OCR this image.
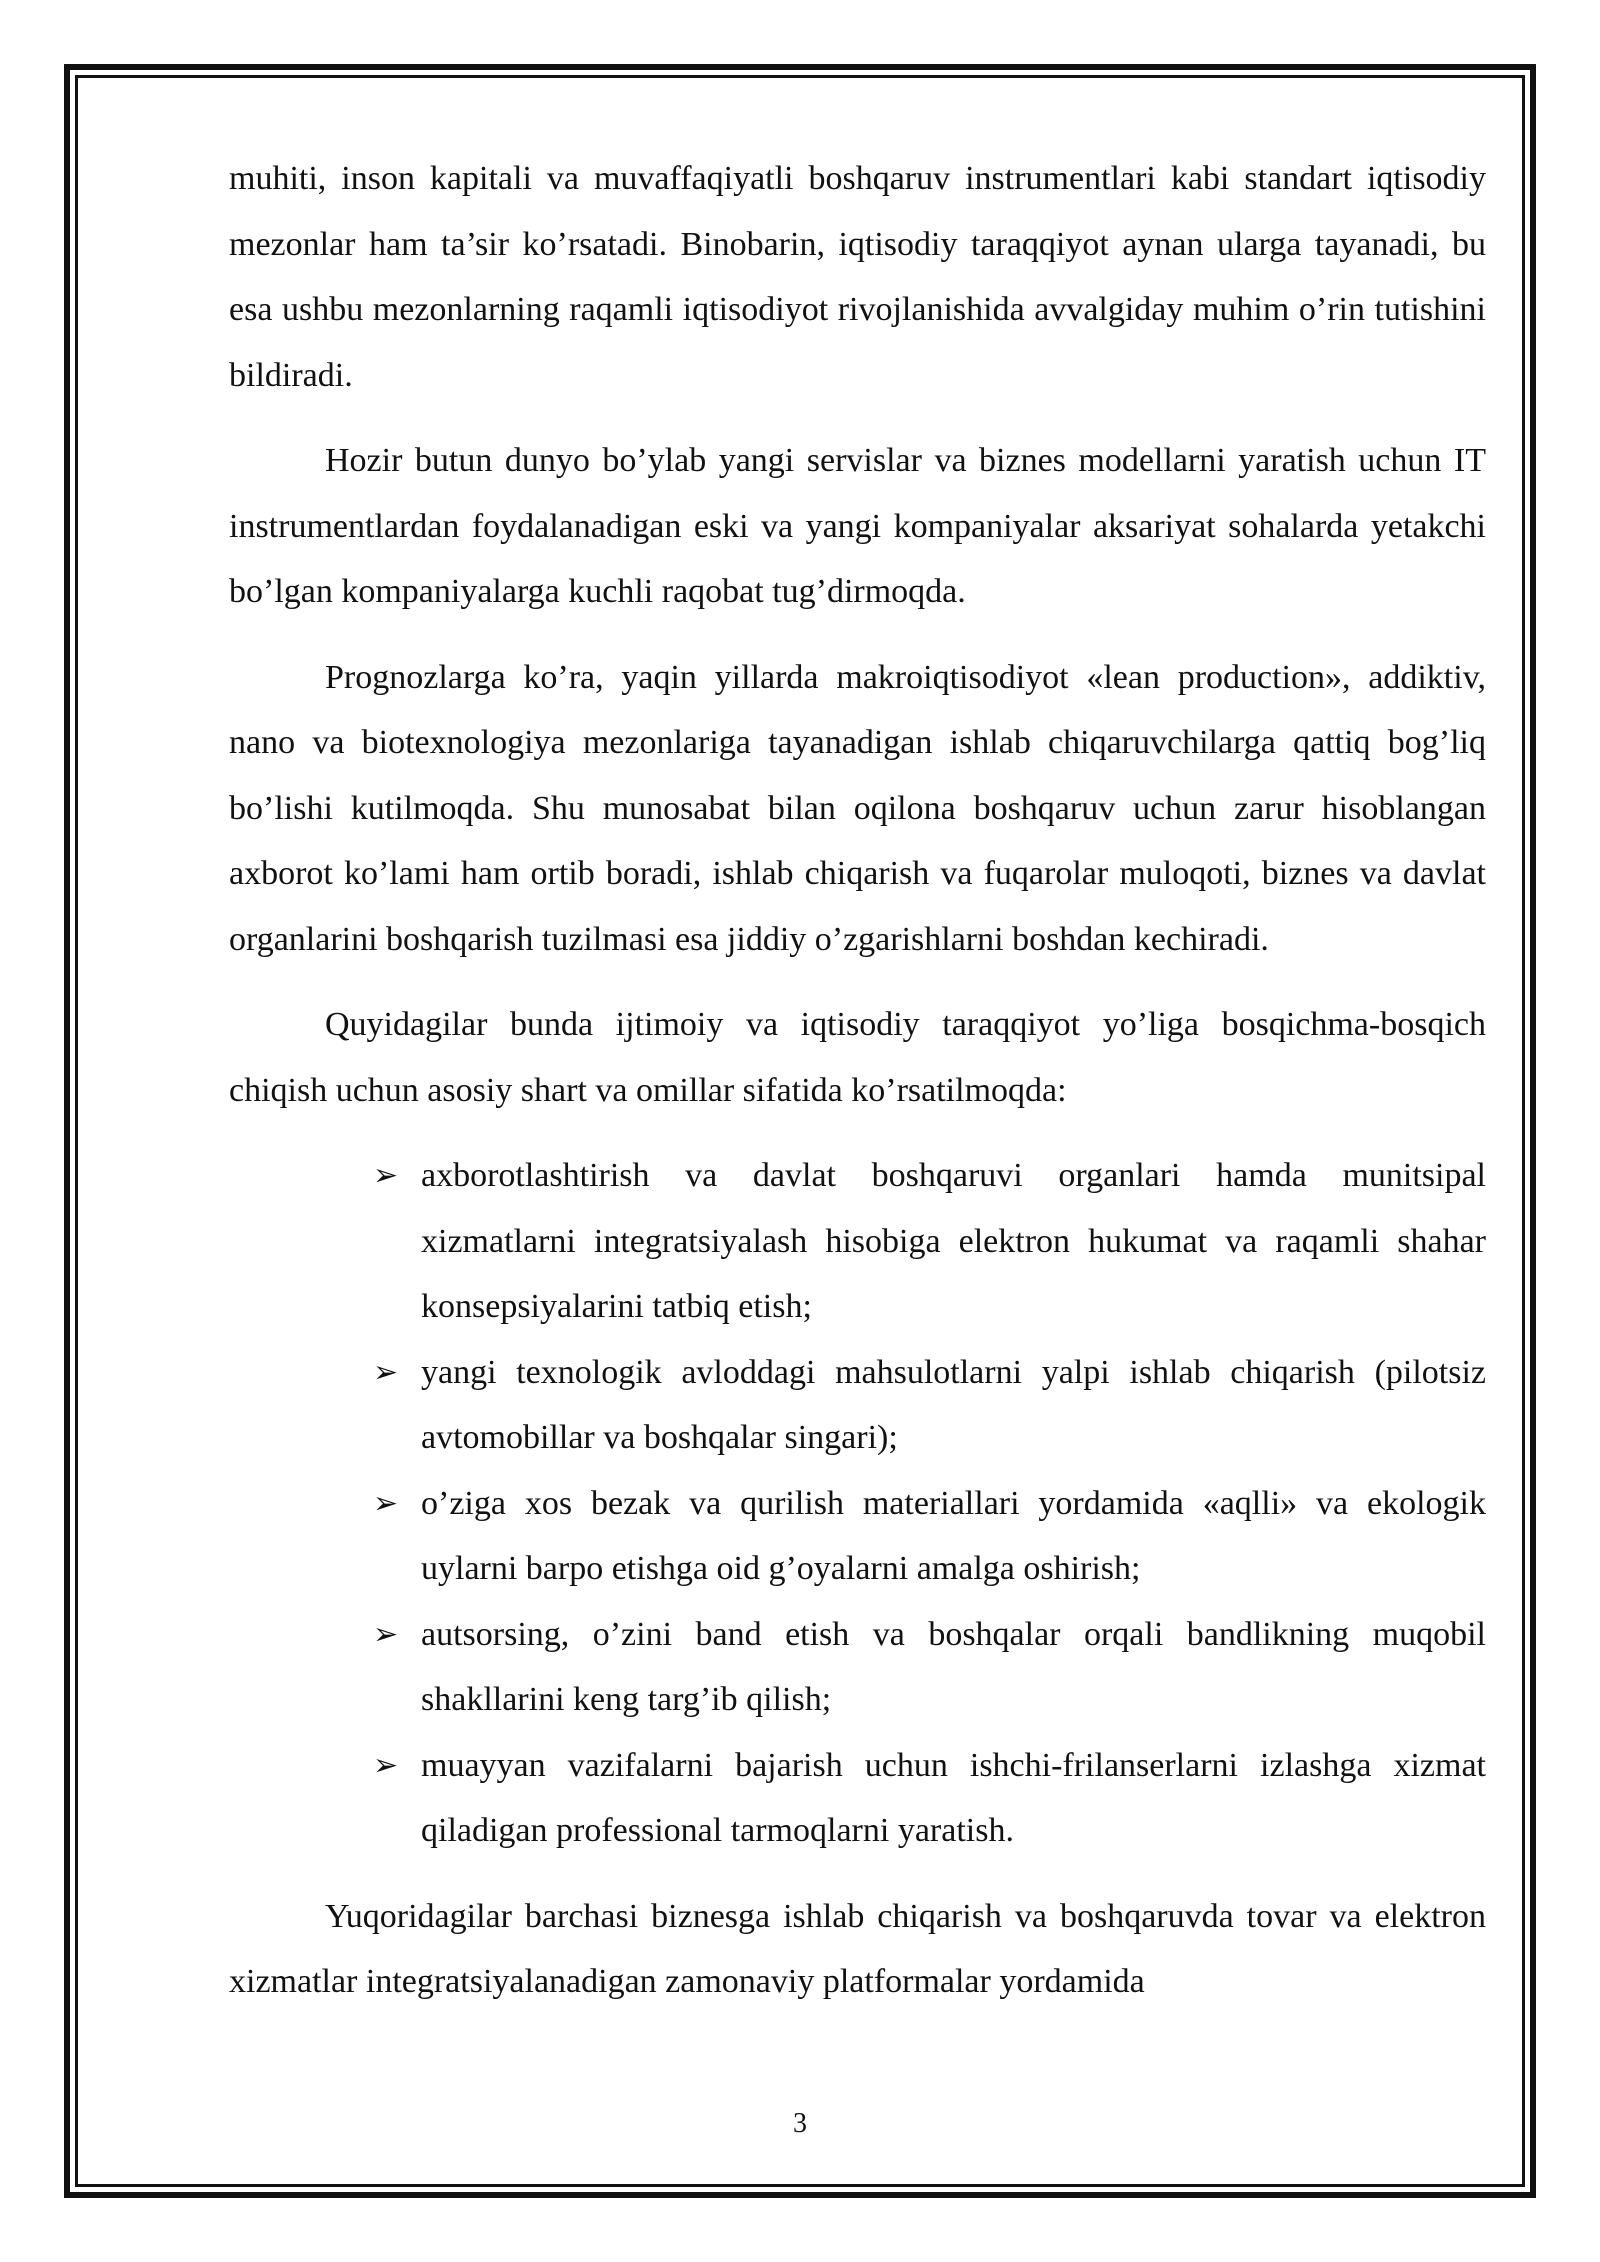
muhiti, inson kapitali va muvaffaqiyatli boshqaruv instrumentlari kabi standart iqtisodiy mezonlar ham ta’sir ko’rsatadi. Binobarin, iqtisodiy taraqqiyot aynan ularga tayanadi, bu esa ushbu mezonlarning raqamli iqtisodiyot rivojlanishida avvalgiday muhim o’rin tutishini bildiradi.

Hozir butun dunyo bo’ylab yangi servislar va biznes modellarni yaratish uchun IT instrumentlardan foydalanadigan eski va yangi kompaniyalar aksariyat sohalarda yetakchi bo’lgan kompaniyalarga kuchli raqobat tug’dirmoqda.

Prognozlarga ko’ra, yaqin yillarda makroiqtisodiyot «lean production», addiktiv, nano va biotexnologiya mezonlariga tayanadigan ishlab chiqaruvchilarga qattiq bog’liq bo’lishi kutilmoqda. Shu munosabat bilan oqilona boshqaruv uchun zarur hisoblangan axborot ko’lami ham ortib boradi, ishlab chiqarish va fuqarolar muloqoti, biznes va davlat organlarini boshqarish tuzilmasi esa jiddiy o’zgarishlarni boshdan kechiradi.

Quyidagilar bunda ijtimoiy va iqtisodiy taraqqiyot yo’liga bosqichma-bosqich chiqish uchun asosiy shart va omillar sifatida ko’rsatilmoqda:

➢ axborotlashtirish va davlat boshqaruvi organlari hamda munitsipal xizmatlarni integratsiyalash hisobiga elektron hukumat va raqamli shahar konsepsiyalarini tatbiq etish;
➢ yangi texnologik avloddagi mahsulotlarni yalpi ishlab chiqarish (pilotsiz avtomobillar va boshqalar singari);
➢ o’ziga xos bezak va qurilish materiallari yordamida «aqlli» va ekologik uylarni barpo etishga oid g’oyalarni amalga oshirish;
➢ autsorsing, o’zini band etish va boshqalar orqali bandlikning muqobil shakllarini keng targ’ib qilish;
➢ muayyan vazifalarni bajarish uchun ishchi-frilanserlarni izlashga xizmat qiladigan professional tarmoqlarni yaratish.

Yuqoridagilar barchasi biznesga ishlab chiqarish va boshqaruvda tovar va elektron xizmatlar integratsiyalanadigan zamonaviy platformalar yordamida

3
